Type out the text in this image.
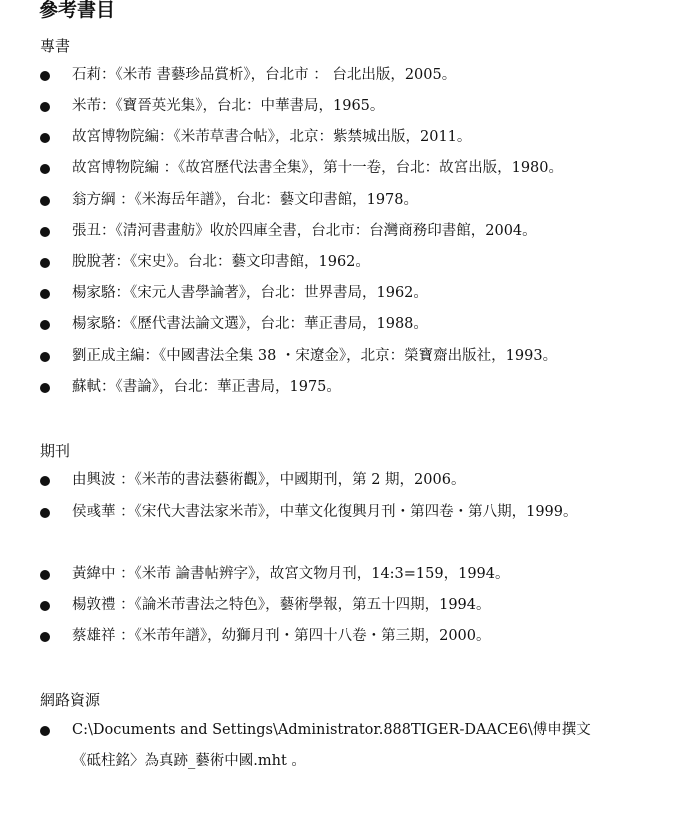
參考書目
專書
石莉：《米芾 書藝珍品賞析》，台北市 ： 台北出版，2005。
米芾：《寶晉英光集》，台北：中華書局，1965。
故宮博物院編：《米芾草書合帖》，北京：紫禁城出版，2011。
故宮博物院編 ：《故宮歷代法書全集》，第十一卷，台北：故宮出版，1980。
翁方綱 ：《米海岳年譜》，台北：藝文印書館，1978。
張丑：《清河書畫舫》收於四庫全書，台北市：台灣商務印書館，2004。
脫脫著：《宋史》。台北：藝文印書館，1962。
楊家駱：《宋元人書學論著》，台北：世界書局，1962。
楊家駱：《歷代書法論文選》，台北：華正書局，1988。
劉正成主編：《中國書法全集 38 ・宋遼金》，北京：榮寶齋出版社，1993。
蘇軾：《書論》，台北：華正書局，1975。
期刊
由興波 ：《米芾的書法藝術觀》，中國期刊，第 2 期，2006。
侯彧華 ：《宋代大書法家米芾》，中華文化復興月刊・第四卷・第八期，1999。
黃緯中 ：《米芾 論書帖辨字》，故宮文物月刊，14:3=159，1994。
楊敦禮 ：《論米芾書法之特色》，藝術學報，第五十四期，1994。
蔡雄祥 ：《米芾年譜》，幼獅月刊・第四十八卷・第三期，2000。
網路資源
C:\Documents and Settings\Administrator.888TIGER-DAACE6\傅申撰文《砥柱銘〉為真跡_藝術中國.mht 。
